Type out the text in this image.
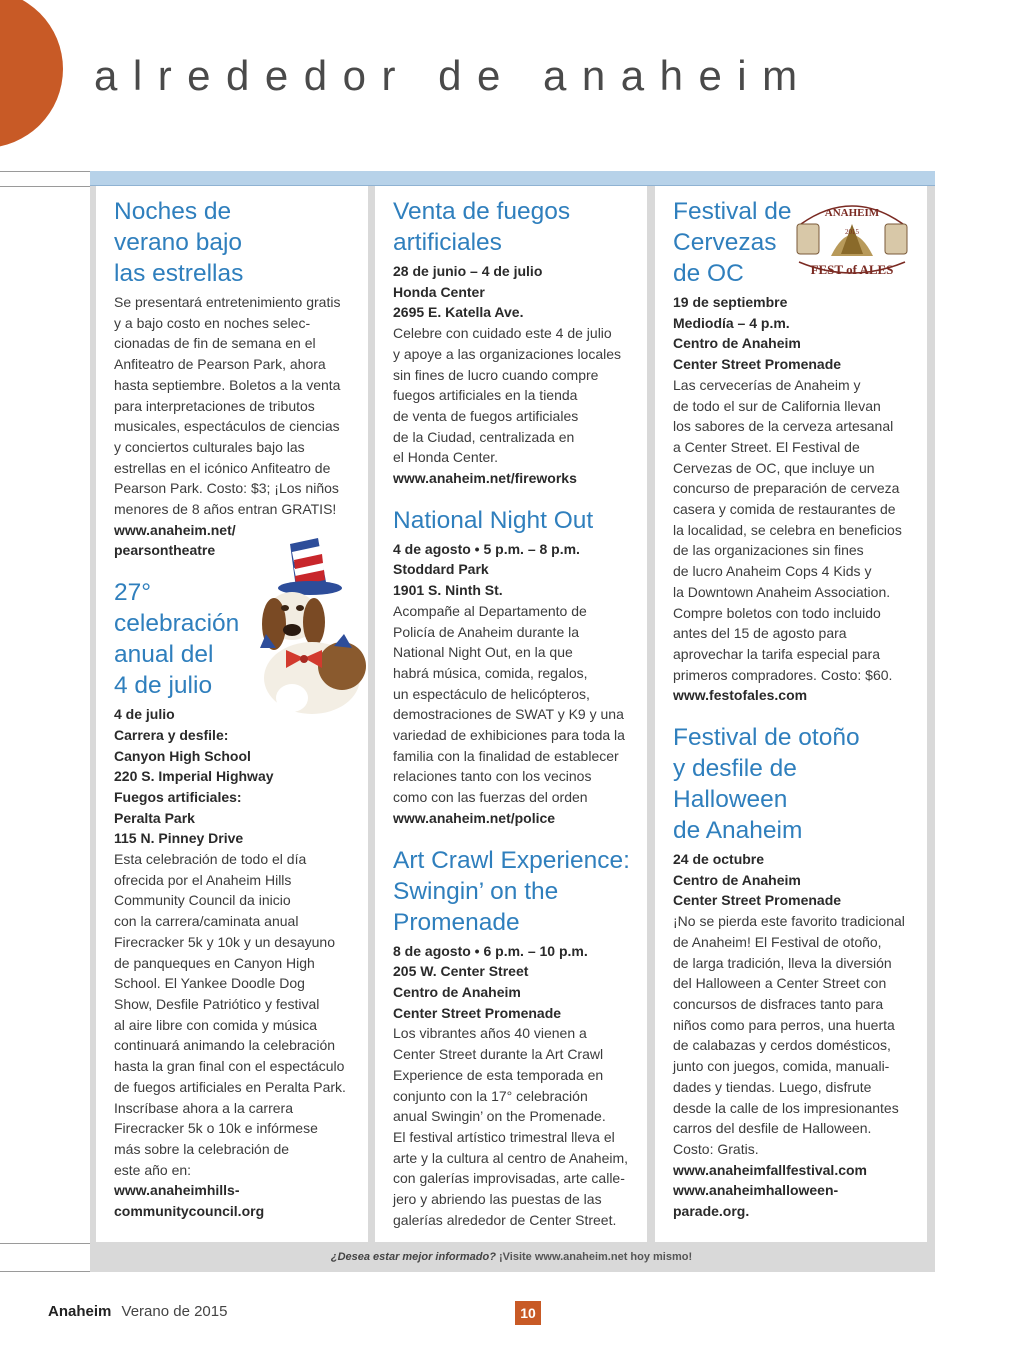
alrededor de anaheim
Noches de
verano bajo
las estrellas
Se presentará entretenimiento gratis
y a bajo costo en noches selec-
cionadas de fin de semana en el
Anfiteatro de Pearson Park, ahora
hasta septiembre. Boletos a la venta
para interpretaciones de tributos
musicales, espectáculos de ciencias
y conciertos culturales bajo las
estrellas en el icónico Anfiteatro de
Pearson Park. Costo: $3; ¡Los niños
menores de 8 años entran GRATIS!
www.anaheim.net/
pearsontheatre
27°
celebración
anual del
4 de julio
4 de julio
Carrera y desfile:
Canyon High School
220 S. Imperial Highway
Fuegos artificiales:
Peralta Park
115 N. Pinney Drive
Esta celebración de todo el día
ofrecida por el Anaheim Hills
Community Council da inicio
con la carrera/caminata anual
Firecracker 5k y 10k y un desayuno
de panqueques en Canyon High
School. El Yankee Doodle Dog
Show, Desfile Patriótico y festival
al aire libre con comida y música
continuará animando la celebración
hasta la gran final con el espectáculo
de fuegos artificiales en Peralta Park.
Inscríbase ahora a la carrera
Firecracker 5k o 10k e infórmese
más sobre la celebración de
este año en:
www.anaheimhills-
communitycouncil.org
Venta de fuegos
artificiales
28 de junio – 4 de julio
Honda Center
2695 E. Katella Ave.
Celebre con cuidado este 4 de julio
y apoye a las organizaciones locales
sin fines de lucro cuando compre
fuegos artificiales en la tienda
de venta de fuegos artificiales
de la Ciudad, centralizada en
el Honda Center.
www.anaheim.net/fireworks
National Night Out
4 de agosto • 5 p.m. – 8 p.m.
Stoddard Park
1901 S. Ninth St.
Acompañe al Departamento de
Policía de Anaheim durante la
National Night Out, en la que
habrá música, comida, regalos,
un espectáculo de helicópteros,
demostraciones de SWAT y K9 y una
variedad de exhibiciones para toda la
familia con la finalidad de establecer
relaciones tanto con los vecinos
como con las fuerzas del orden
www.anaheim.net/police
Art Crawl Experience:
Swingin’ on the
Promenade
8 de agosto • 6 p.m. – 10 p.m.
205 W. Center Street
Centro de Anaheim
Center Street Promenade
Los vibrantes años 40 vienen a
Center Street durante la Art Crawl
Experience de esta temporada en
conjunto con la 17° celebración
anual Swingin’ on the Promenade.
El festival artístico trimestral lleva el
arte y la cultura al centro de Anaheim,
con galerías improvisadas, arte calle-
jero y abriendo las puestas de las
galerías alrededor de Center Street.
Festival de
Cervezas
de OC
19 de septiembre
Mediodía – 4 p.m.
Centro de Anaheim
Center Street Promenade
Las cervecerías de Anaheim y
de todo el sur de California llevan
los sabores de la cerveza artesanal
a Center Street. El Festival de
Cervezas de OC, que incluye un
concurso de preparación de cerveza
casera y comida de restaurantes de
la localidad, se celebra en beneficios
de las organizaciones sin fines
de lucro Anaheim Cops 4 Kids y
la Downtown Anaheim Association.
Compre boletos con todo incluido
antes del 15 de agosto para
aprovechar la tarifa especial para
primeros compradores. Costo: $60.
www.festofales.com
Festival de otoño
y desfile de
Halloween
de Anaheim
24 de octubre
Centro de Anaheim
Center Street Promenade
¡No se pierda este favorito tradicional
de Anaheim! El Festival de otoño,
de larga tradición, lleva la diversión
del Halloween a Center Street con
concursos de disfraces tanto para
niños como para perros, una huerta
de calabazas y cerdos domésticos,
junto con juegos, comida, manuali-
dades y tiendas. Luego, disfrute
desde la calle de los impresionantes
carros del desfile de Halloween.
Costo: Gratis.
www.anaheimfallfestival.com
www.anaheimhalloween-
parade.org.
ANAHEIM
2015
FEST of ALES
¿Desea estar mejor informado?
¡Visite www.anaheim.net hoy mismo!
Anaheim Verano de 2015	10
